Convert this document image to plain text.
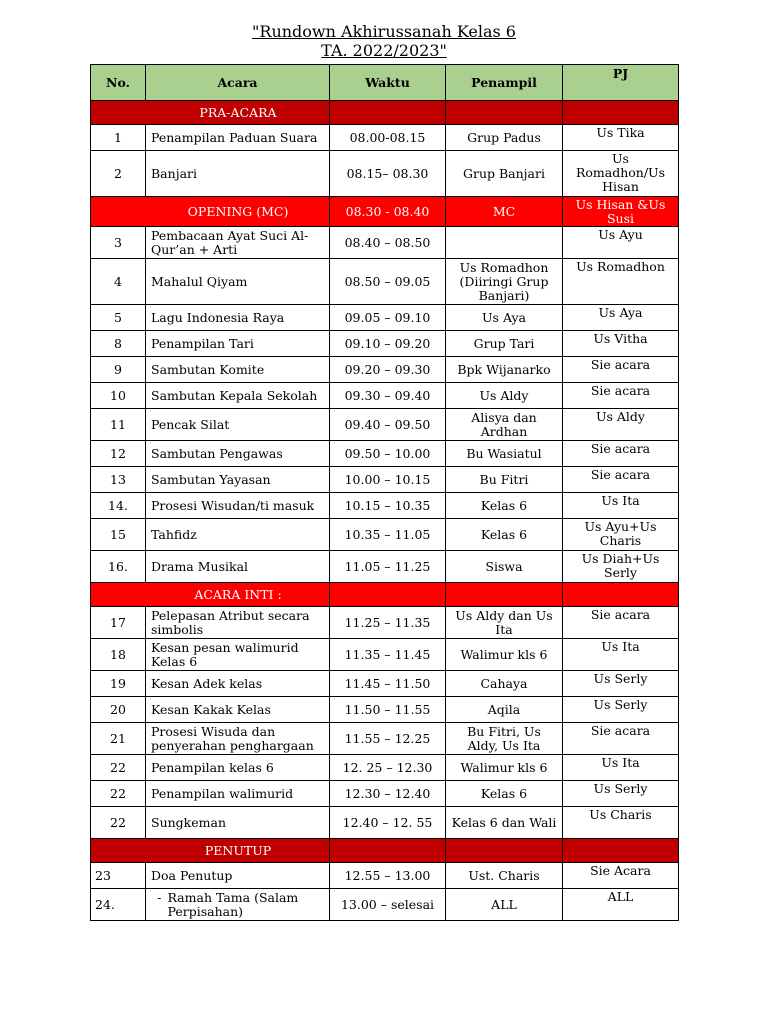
"Rundown Akhirussanah Kelas 6
TA. 2022/2023"
No.	Acara	Waktu	Penampil	PJ
PRA-ACARA				
1	Penampilan Paduan Suara	08.00-08.15	Grup Padus	Us Tika
2	Banjari	08.15– 08.30	Grup Banjari	Us Romadhon/Us Hisan
OPENING (MC)		08.30 - 08.40	MC	Us Hisan &Us Susi
3	Pembacaan Ayat Suci Al-Qur’an + Arti	08.40 – 08.50		Us Ayu
4	Mahalul Qiyam	08.50 – 09.05	Us Romadhon (Diiringi Grup Banjari)	Us Romadhon
5	Lagu Indonesia Raya	09.05 – 09.10	Us Aya	Us Aya
8	Penampilan Tari	09.10 – 09.20	Grup Tari	Us Vitha
9	Sambutan Komite	09.20 – 09.30	Bpk Wijanarko	Sie acara
10	Sambutan Kepala Sekolah	09.30 – 09.40	Us Aldy	Sie acara
11	Pencak Silat	09.40 – 09.50	Alisya dan Ardhan	Us Aldy
12	Sambutan Pengawas	09.50 – 10.00	Bu Wasiatul	Sie acara
13	Sambutan Yayasan	10.00 – 10.15	Bu Fitri	Sie acara
14.	Prosesi Wisudan/ti masuk	10.15 – 10.35	Kelas 6	Us Ita
15	Tahfidz	10.35 – 11.05	Kelas 6	Us Ayu+Us Charis
16.	Drama Musikal	11.05 – 11.25	Siswa	Us Diah+Us Serly
ACARA INTI :				
17	Pelepasan Atribut secara simbolis	11.25 – 11.35	Us Aldy dan Us Ita	Sie acara
18	Kesan pesan walimurid Kelas 6	11.35 – 11.45	Walimur kls 6	Us Ita
19	Kesan Adek kelas	11.45 – 11.50	Cahaya	Us Serly
20	Kesan Kakak Kelas	11.50 – 11.55	Aqila	Us Serly
21	Prosesi Wisuda dan penyerahan penghargaan	11.55 – 12.25	Bu Fitri, Us Aldy, Us Ita	Sie acara
22	Penampilan kelas 6	12. 25 – 12.30	Walimur kls 6	Us Ita
22	Penampilan walimurid	12.30 – 12.40	Kelas 6	Us Serly
22	Sungkeman	12.40 – 12. 55	Kelas 6 dan Wali	Us Charis
PENUTUP				
23	Doa Penutup	12.55 – 13.00	Ust. Charis	Sie Acara
24.	- Ramah Tama (Salam Perpisahan)	13.00 – selesai	ALL	ALL
